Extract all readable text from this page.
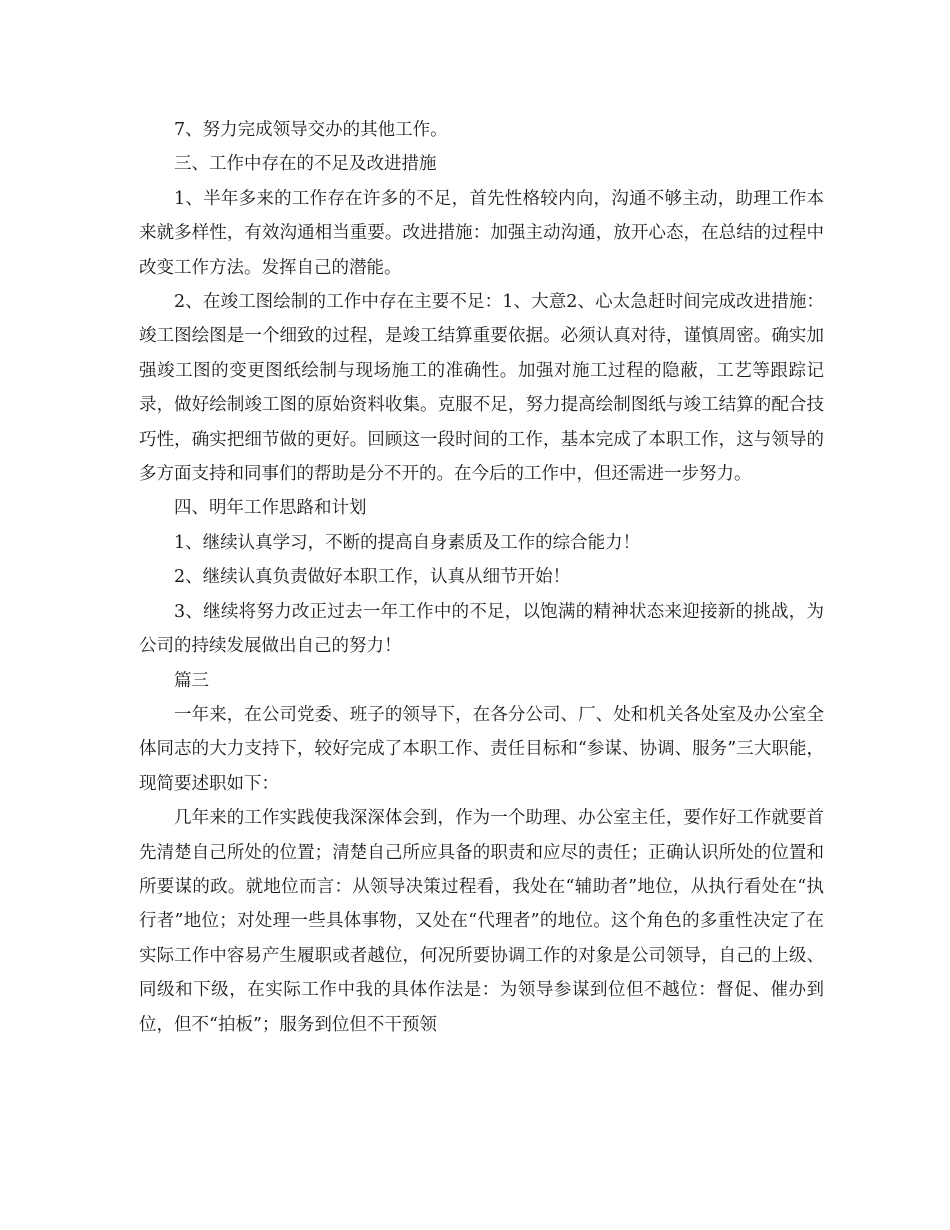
7、努力完成领导交办的其他工作。

三、工作中存在的不足及改进措施

1、半年多来的工作存在许多的不足，首先性格较内向，沟通不够主动，助理工作本来就多样性，有效沟通相当重要。改进措施：加强主动沟通，放开心态，在总结的过程中改变工作方法。发挥自己的潜能。

2、在竣工图绘制的工作中存在主要不足：1、大意2、心太急赶时间完成改进措施：竣工图绘图是一个细致的过程，是竣工结算重要依据。必须认真对待，谨慎周密。确实加强竣工图的变更图纸绘制与现场施工的准确性。加强对施工过程的隐蔽，工艺等跟踪记录，做好绘制竣工图的原始资料收集。克服不足，努力提高绘制图纸与竣工结算的配合技巧性，确实把细节做的更好。回顾这一段时间的工作，基本完成了本职工作，这与领导的多方面支持和同事们的帮助是分不开的。在今后的工作中，但还需进一步努力。

四、明年工作思路和计划

1、继续认真学习，不断的提高自身素质及工作的综合能力！

2、继续认真负责做好本职工作，认真从细节开始！

3、继续将努力改正过去一年工作中的不足，以饱满的精神状态来迎接新的挑战，为公司的持续发展做出自己的努力！

篇三

一年来，在公司党委、班子的领导下，在各分公司、厂、处和机关各处室及办公室全体同志的大力支持下，较好完成了本职工作、责任目标和“参谋、协调、服务”三大职能，现简要述职如下：

几年来的工作实践使我深深体会到，作为一个助理、办公室主任，要作好工作就要首先清楚自己所处的位置；清楚自己所应具备的职责和应尽的责任；正确认识所处的位置和所要谋的政。就地位而言：从领导决策过程看，我处在“辅助者”地位，从执行看处在“执行者”地位；对处理一些具体事物，又处在“代理者”的地位。这个角色的多重性决定了在实际工作中容易产生履职或者越位，何况所要协调工作的对象是公司领导，自己的上级、同级和下级，在实际工作中我的具体作法是：为领导参谋到位但不越位：督促、催办到位，但不“拍板”；服务到位但不干预领
